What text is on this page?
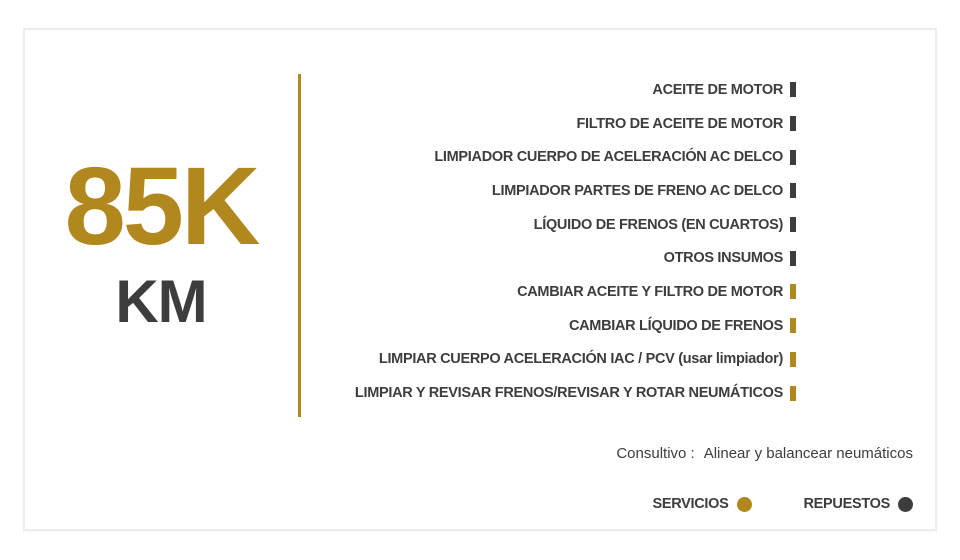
85K
KM
ACEITE DE MOTOR
FILTRO DE ACEITE DE MOTOR
LIMPIADOR CUERPO DE ACELERACIÓN AC DELCO
LIMPIADOR PARTES DE FRENO AC DELCO
LÍQUIDO DE FRENOS (EN CUARTOS)
OTROS INSUMOS
CAMBIAR ACEITE Y FILTRO DE MOTOR
CAMBIAR LÍQUIDO DE FRENOS
LIMPIAR CUERPO ACELERACIÓN IAC / PCV (usar limpiador)
LIMPIAR Y REVISAR FRENOS/REVISAR Y ROTAR NEUMÁTICOS
Consultivo : Alinear y balancear neumáticos
SERVICIOS	REPUESTOS
